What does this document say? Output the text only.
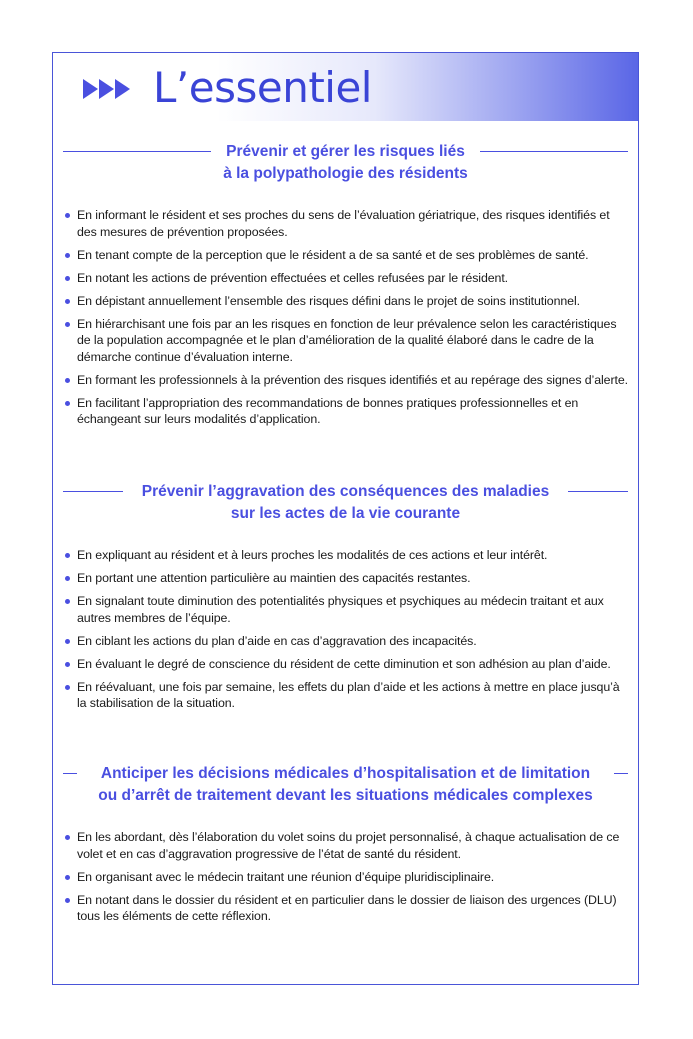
L’essentiel
Prévenir et gérer les risques liés
à la polypathologie des résidents
En informant le résident et ses proches du sens de l’évaluation gériatrique, des risques identifiés et des mesures de prévention proposées.
En tenant compte de la perception que le résident a de sa santé et de ses problèmes de santé.
En notant les actions de prévention effectuées et celles refusées par le résident.
En dépistant annuellement l’ensemble des risques défini dans le projet de soins institutionnel.
En hiérarchisant une fois par an les risques en fonction de leur prévalence selon les caractéristiques de la population accompagnée et le plan d’amélioration de la qualité élaboré dans le cadre de la démarche continue d’évaluation interne.
En formant les professionnels à la prévention des risques identifiés et au repérage des signes d’alerte.
En facilitant l’appropriation des recommandations de bonnes pratiques professionnelles et en échangeant sur leurs modalités d’application.
Prévenir l’aggravation des conséquences des maladies
sur les actes de la vie courante
En expliquant au résident et à leurs proches les modalités de ces actions et leur intérêt.
En portant une attention particulière au maintien des capacités restantes.
En signalant toute diminution des potentialités physiques et psychiques au médecin traitant et aux autres membres de l’équipe.
En ciblant les actions du plan d’aide en cas d’aggravation des incapacités.
En évaluant le degré de conscience du résident de cette diminution et son adhésion au plan d’aide.
En réévaluant, une fois par semaine, les effets du plan d’aide et les actions à mettre en place jusqu’à la stabilisation de la situation.
Anticiper les décisions médicales d’hospitalisation et de limitation
ou d’arrêt de traitement devant les situations médicales complexes
En les abordant, dès l’élaboration du volet soins du projet personnalisé, à chaque actualisation de ce volet et en cas d’aggravation progressive de l’état de santé du résident.
En organisant avec le médecin traitant une réunion d’équipe pluridisciplinaire.
En notant dans le dossier du résident et en particulier dans le dossier de liaison des urgences (DLU) tous les éléments de cette réflexion.
